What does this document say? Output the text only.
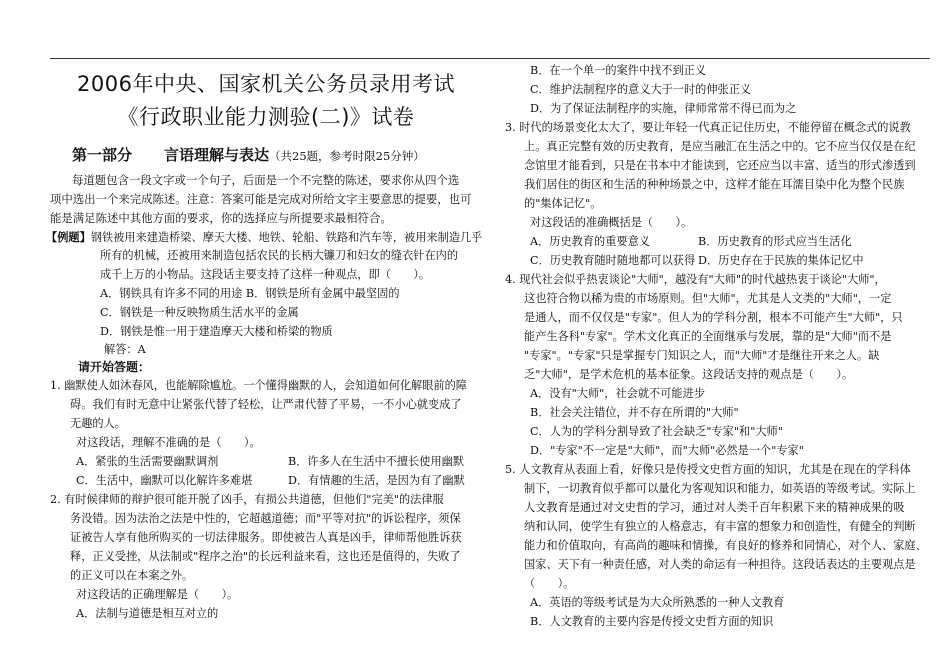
2006年中央、国家机关公务员录用考试
《行政职业能力测验(二)》试卷
第一部分 言语理解与表达（共25题，参考时限25分钟）
每道题包含一段文字或一个句子，后面是一个不完整的陈述，要求你从四个选
项中选出一个来完成陈述。注意：答案可能是完成对所给文字主要意思的提要，也可
能是满足陈述中其他方面的要求，你的选择应与所提要求最相符合。
【例题】钢铁被用来建造桥梁、摩天大楼、地铁、轮船、铁路和汽车等，被用来制造几乎
所有的机械，还被用来制造包括农民的长柄大镰刀和妇女的缝衣针在内的
成千上万的小物品。这段话主要支持了这样一种观点，即（　　）。
A．钢铁具有许多不同的用途 B．钢铁是所有金属中最坚固的
C．钢铁是一种反映物质生活水平的金属
D．钢铁是惟一用于建造摩天大楼和桥梁的物质
解答：A
请开始答题：
1. 幽默使人如沐春风，也能解除尴尬。一个懂得幽默的人，会知道如何化解眼前的障
碍。我们有时无意中让紧张代替了轻松，让严肃代替了平易，一不小心就变成了
无趣的人。
对这段话，理解不准确的是（　　）。
A．紧张的生活需要幽默调剂	B．许多人在生活中不擅长使用幽默
C．生活中，幽默可以化解许多难堪	D．有情趣的生活，是因为有了幽默
2. 有时候律师的辩护很可能开脱了凶手，有损公共道德，但他们"完美"的法律服
务没错。因为法治之法是中性的，它超越道德；而"平等对抗"的诉讼程序，须保
证被告人享有他所购买的一切法律服务。即使被告人真是凶手，律师帮他胜诉获
释，正义受挫，从法制或"程序之治"的长远利益来看，这也还是值得的，失败了
的正义可以在本案之外。
对这段话的正确理解是（　　）。
A．法制与道德是相互对立的
B．在一个单一的案件中找不到正义
C．维护法制程序的意义大于一时的伸张正义
D．为了保证法制程序的实施，律师常常不得已而为之
3. 时代的场景变化太大了，要让年轻一代真正记住历史，不能停留在概念式的说教
上。真正完整有效的历史教育，是应当融汇在生活之中的。它不应当仅仅是在纪
念馆里才能看到，只是在书本中才能读到，它还应当以丰富、适当的形式渗透到
我们居住的街区和生活的种种场景之中，这样才能在耳濡目染中化为整个民族
的"集体记忆"。
对这段话的准确概括是（　　）。
A．历史教育的重要意义	B．历史教育的形式应当生活化
C．历史教育随时随地都可以获得 D．历史存在于民族的集体记忆中
4. 现代社会似乎热衷谈论"大师"，越没有"大师"的时代越热衷于谈论"大师"，
这也符合物以稀为贵的市场原则。但"大师"，尤其是人文类的"大师"，一定
是通人，而不仅仅是"专家"。但人为的学科分割，根本不可能产生"大师"，只
能产生各科"专家"。学术文化真正的全面继承与发展，靠的是"大师"而不是
"专家"。"专家"只是掌握专门知识之人，而"大师"才是继往开来之人。缺
乏"大师"，是学术危机的基本征象。这段话支持的观点是（　　）。
A．没有"大师"，社会就不可能进步
B．社会关注错位，并不存在所谓的"大师"
C．人为的学科分割导致了社会缺乏"专家"和"大师"
D．"专家"不一定是"大师"，而"大师"必然是一个"专家"
5. 人文教育从表面上看，好像只是传授文史哲方面的知识，尤其是在现在的学科体
制下，一切教育似乎都可以量化为客观知识和能力，如英语的等级考试。实际上
人文教育是通过对文史哲的学习，通过对人类千百年积累下来的精神成果的吸
纳和认同，使学生有独立的人格意志，有丰富的想象力和创造性，有健全的判断
能力和价值取向，有高尚的趣味和情操，有良好的修养和同情心，对个人、家庭、
国家、天下有一种责任感，对人类的命运有一种担待。这段话表达的主要观点是
（　　）。
A．英语的等级考试是为大众所熟悉的一种人文教育
B．人文教育的主要内容是传授文史哲方面的知识
